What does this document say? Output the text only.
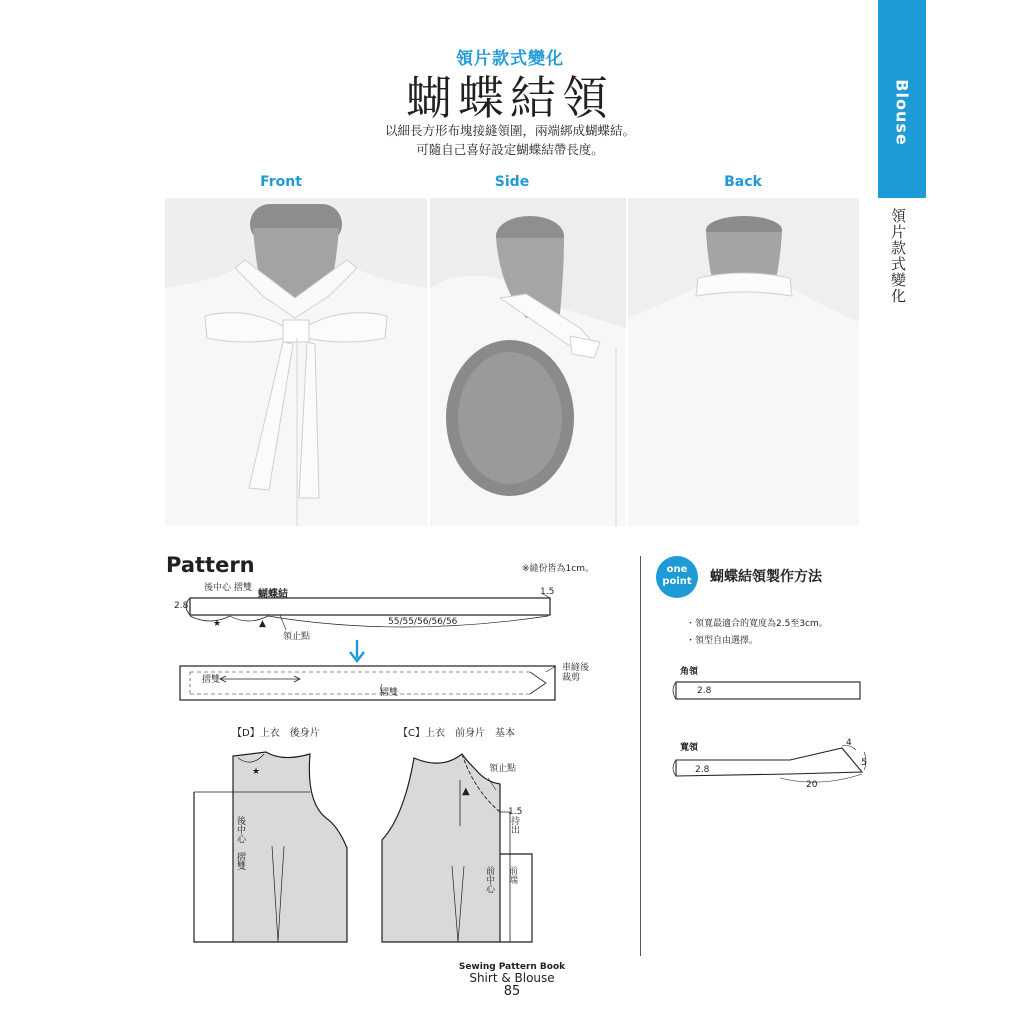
領片款式變化
蝴蝶結領
以細長方形布塊接縫領圍，兩端綁成蝴蝶結。
可隨自己喜好設定蝴蝶結帶長度。
Blouse
領片款式變化
Front	Side	Back
Pattern	※縫份皆為1cm。
★	▲
★
▲
後中心 摺雙
蝴蝶結
2.8
1.5
55/55/56/56/56
領止點
車縫後
裁剪
摺雙
摺雙
【D】上衣　後身片	【C】上衣　前身片　基本
領止點
1.5
持出
後中心
摺雙
前中心 前端
one
point	蝴蝶結領製作方法
・領寬最適合的寬度為2.5至3cm。
・領型自由選擇。
角領
寬領
2.8
2.8
4
5
20
Sewing Pattern Book
Shirt & Blouse
85
